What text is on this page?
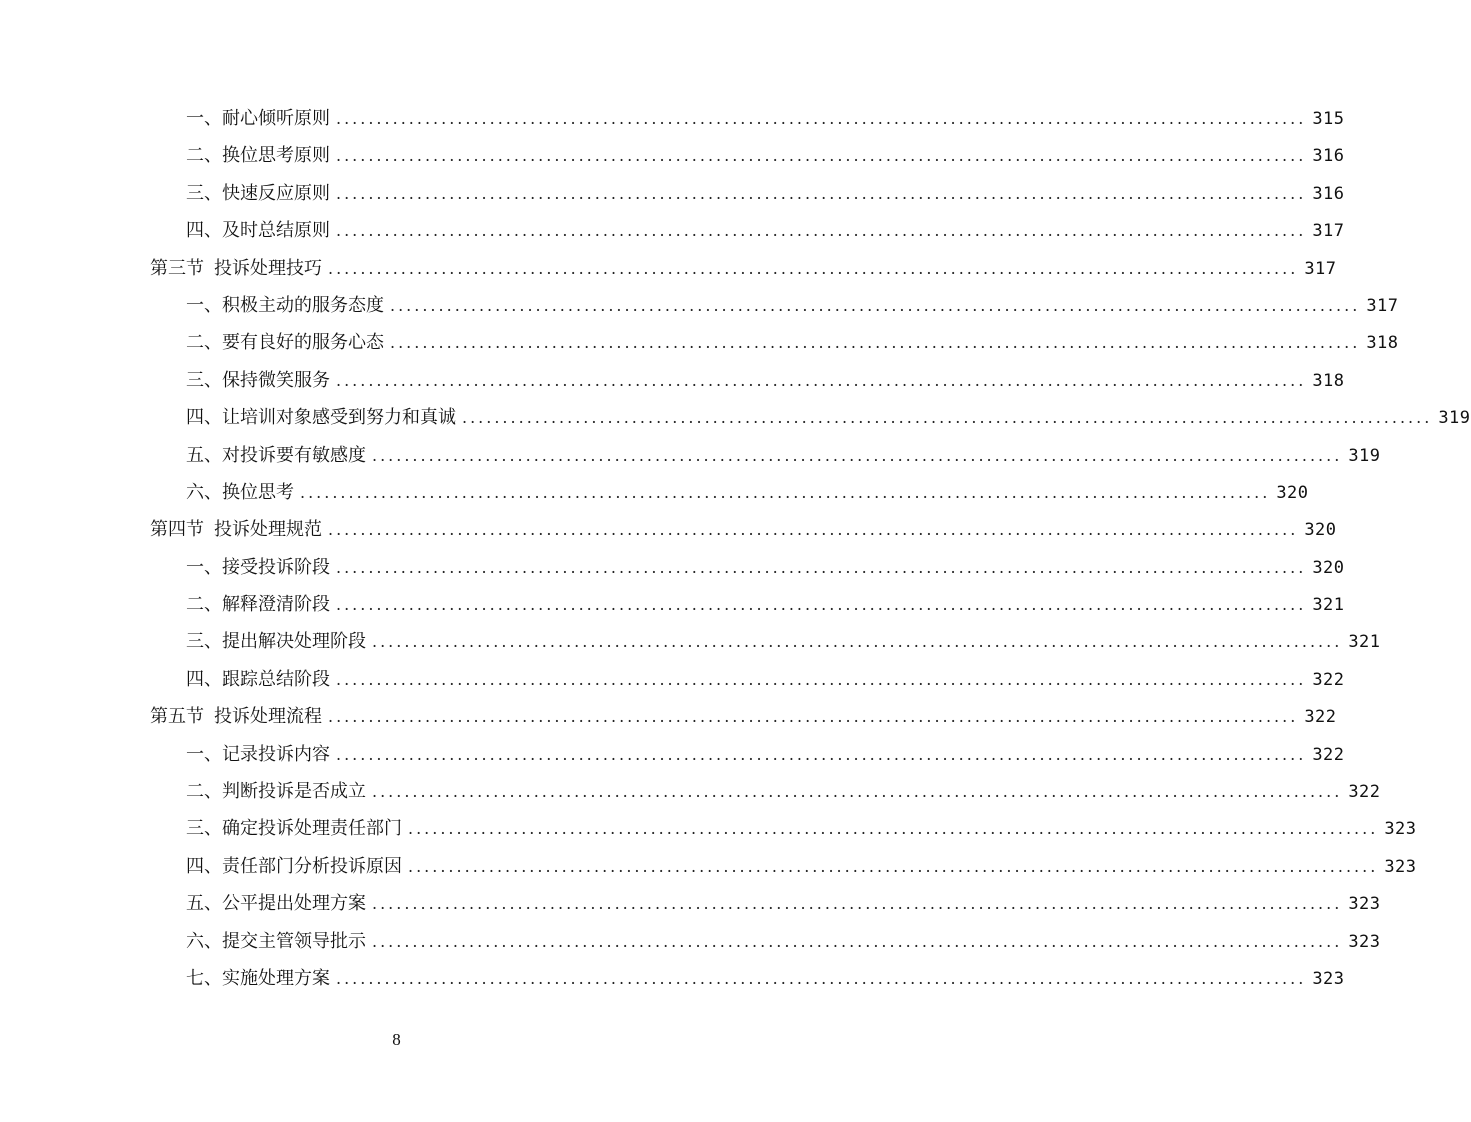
一、耐心倾听原则 ........................................................................................................................ 315
二、换位思考原则 ........................................................................................................................ 316
三、快速反应原则 ........................................................................................................................ 316
四、及时总结原则 ........................................................................................................................ 317
第三节 投诉处理技巧 ........................................................................................................................ 317
一、积极主动的服务态度 ........................................................................................................................ 317
二、要有良好的服务心态 ........................................................................................................................ 318
三、保持微笑服务 ........................................................................................................................ 318
四、让培训对象感受到努力和真诚 ........................................................................................................................ 319
五、对投诉要有敏感度 ........................................................................................................................ 319
六、换位思考 ........................................................................................................................ 320
第四节 投诉处理规范 ........................................................................................................................ 320
一、接受投诉阶段 ........................................................................................................................ 320
二、解释澄清阶段 ........................................................................................................................ 321
三、提出解决处理阶段 ........................................................................................................................ 321
四、跟踪总结阶段 ........................................................................................................................ 322
第五节 投诉处理流程 ........................................................................................................................ 322
一、记录投诉内容 ........................................................................................................................ 322
二、判断投诉是否成立 ........................................................................................................................ 322
三、确定投诉处理责任部门 ........................................................................................................................ 323
四、责任部门分析投诉原因 ........................................................................................................................ 323
五、公平提出处理方案 ........................................................................................................................ 323
六、提交主管领导批示 ........................................................................................................................ 323
七、实施处理方案 ........................................................................................................................ 323
8
